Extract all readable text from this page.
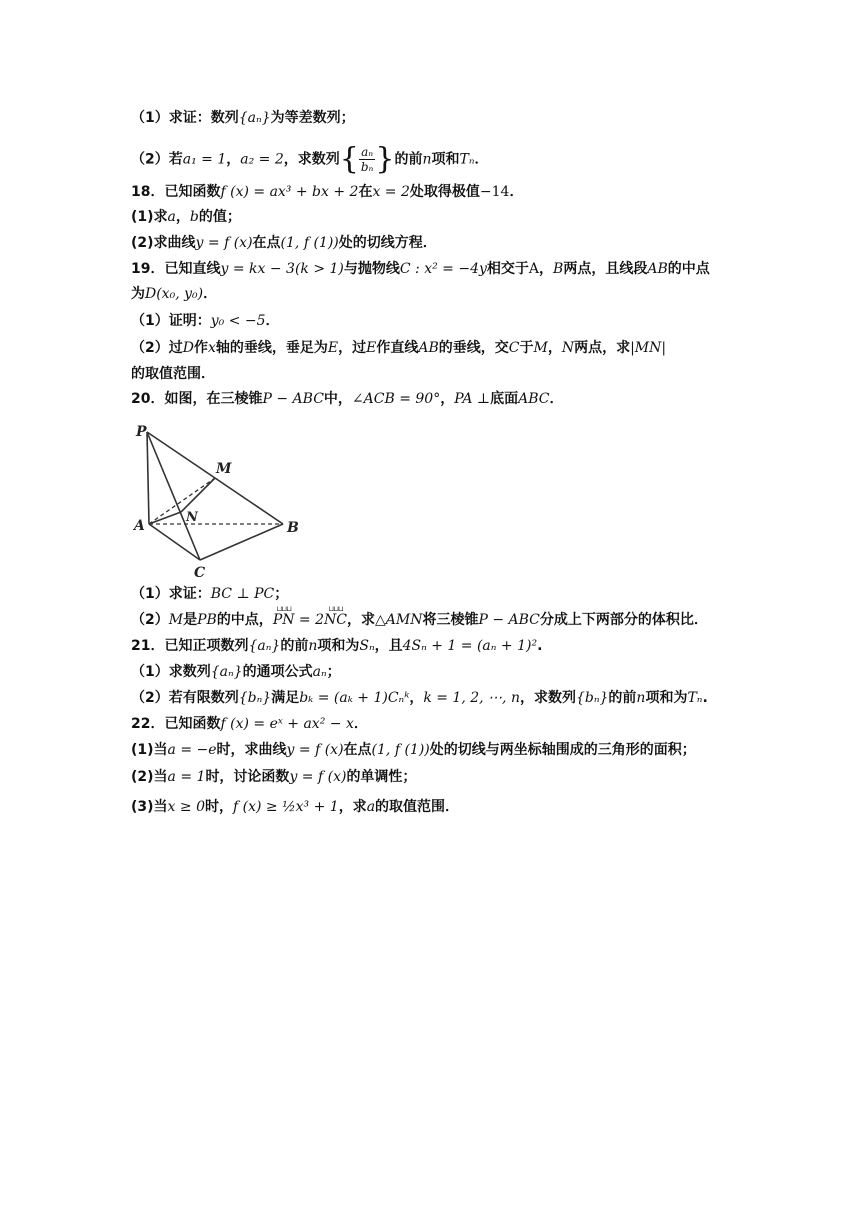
（1）求证：数列{aₙ}为等差数列；
（2）若a₁ = 1，a₂ = 2，求数列{ $\frac{\text{aₙ}}{\text{bₙ}}$ }的前n项和Tₙ．
18．已知函数f (x) = ax³ + bx + 2在x = 2处取得极值−14．
(1)求a，b的值；
(2)求曲线y = f (x)在点(1, f (1))处的切线方程．
19．已知直线y = kx − 3(k > 1)与抛物线C : x² = −4y相交于A，B两点，且线段AB的中点
为D(x₀, y₀)．
（1）证明：y₀ < −5．
（2）过D作x轴的垂线，垂足为E，过E作直线AB的垂线，交C于M，N两点，求|MN|
的取值范围．
20．如图，在三棱锥P − ABC中，∠ACB = 90°，PA ⊥底面ABC．
P
M
N
A	B
C
（1）求证：BC ⊥ PC；
（2）M是PB的中点，⊔⊔⊔ PN = 2⊔⊔⊔ NC，求△AMN将三棱锥P − ABC分成上下两部分的体积比．
21．已知正项数列{aₙ}的前n项和为Sₙ，且4Sₙ + 1 = (aₙ + 1)².
（1）求数列{aₙ}的通项公式aₙ；
（2）若有限数列{bₙ}满足bₖ = (aₖ + 1)Cₙᵏ，k = 1, 2, ⋯, n，求数列{bₙ}的前n项和为Tₙ.
22．已知函数f (x) = eˣ + ax² − x．
(1)当a = −e时，求曲线y = f (x)在点(1, f (1))处的切线与两坐标轴围成的三角形的面积；
(2)当a = 1时，讨论函数y = f (x)的单调性；
(3)当x ≥ 0时，f (x) ≥ ½x³ + 1，求a的取值范围．
